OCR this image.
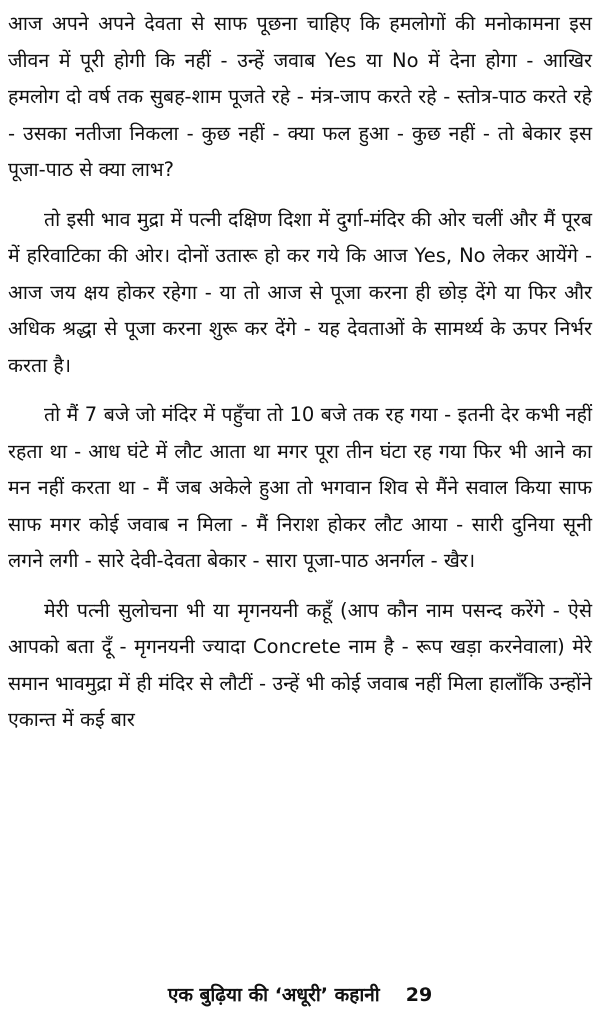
आज अपने अपने देवता से साफ पूछना चाहिए कि हमलोगों की मनोकामना इस जीवन में पूरी होगी कि नहीं - उन्हें जवाब Yes या No में देना होगा - आखिर हमलोग दो वर्ष तक सुबह-शाम पूजते रहे - मंत्र-जाप करते रहे - स्तोत्र-पाठ करते रहे - उसका नतीजा निकला - कुछ नहीं - क्या फल हुआ - कुछ नहीं - तो बेकार इस पूजा-पाठ से क्या लाभ?

तो इसी भाव मुद्रा में पत्नी दक्षिण दिशा में दुर्गा-मंदिर की ओर चलीं और मैं पूरब में हरिवाटिका की ओर। दोनों उतारू हो कर गये कि आज Yes, No लेकर आयेंगे - आज जय क्षय होकर रहेगा - या तो आज से पूजा करना ही छोड़ देंगे या फिर और अधिक श्रद्धा से पूजा करना शुरू कर देंगे - यह देवताओं के सामर्थ्य के ऊपर निर्भर करता है।

तो मैं 7 बजे जो मंदिर में पहुँचा तो 10 बजे तक रह गया - इतनी देर कभी नहीं रहता था - आध घंटे में लौट आता था मगर पूरा तीन घंटा रह गया फिर भी आने का मन नहीं करता था - मैं जब अकेले हुआ तो भगवान शिव से मैंने सवाल किया साफ साफ मगर कोई जवाब न मिला - मैं निराश होकर लौट आया - सारी दुनिया सूनी लगने लगी - सारे देवी-देवता बेकार - सारा पूजा-पाठ अनर्गल - खैर।

मेरी पत्नी सुलोचना भी या मृगनयनी कहूँ (आप कौन नाम पसन्द करेंगे - ऐसे आपको बता दूँ - मृगनयनी ज्यादा Concrete नाम है - रूप खड़ा करनेवाला) मेरे समान भावमुद्रा में ही मंदिर से लौटीं - उन्हें भी कोई जवाब नहीं मिला हालाँकि उन्होंने एकान्त में कई बार

एक बुढ़िया की ‘अधूरी’ कहानी 29
